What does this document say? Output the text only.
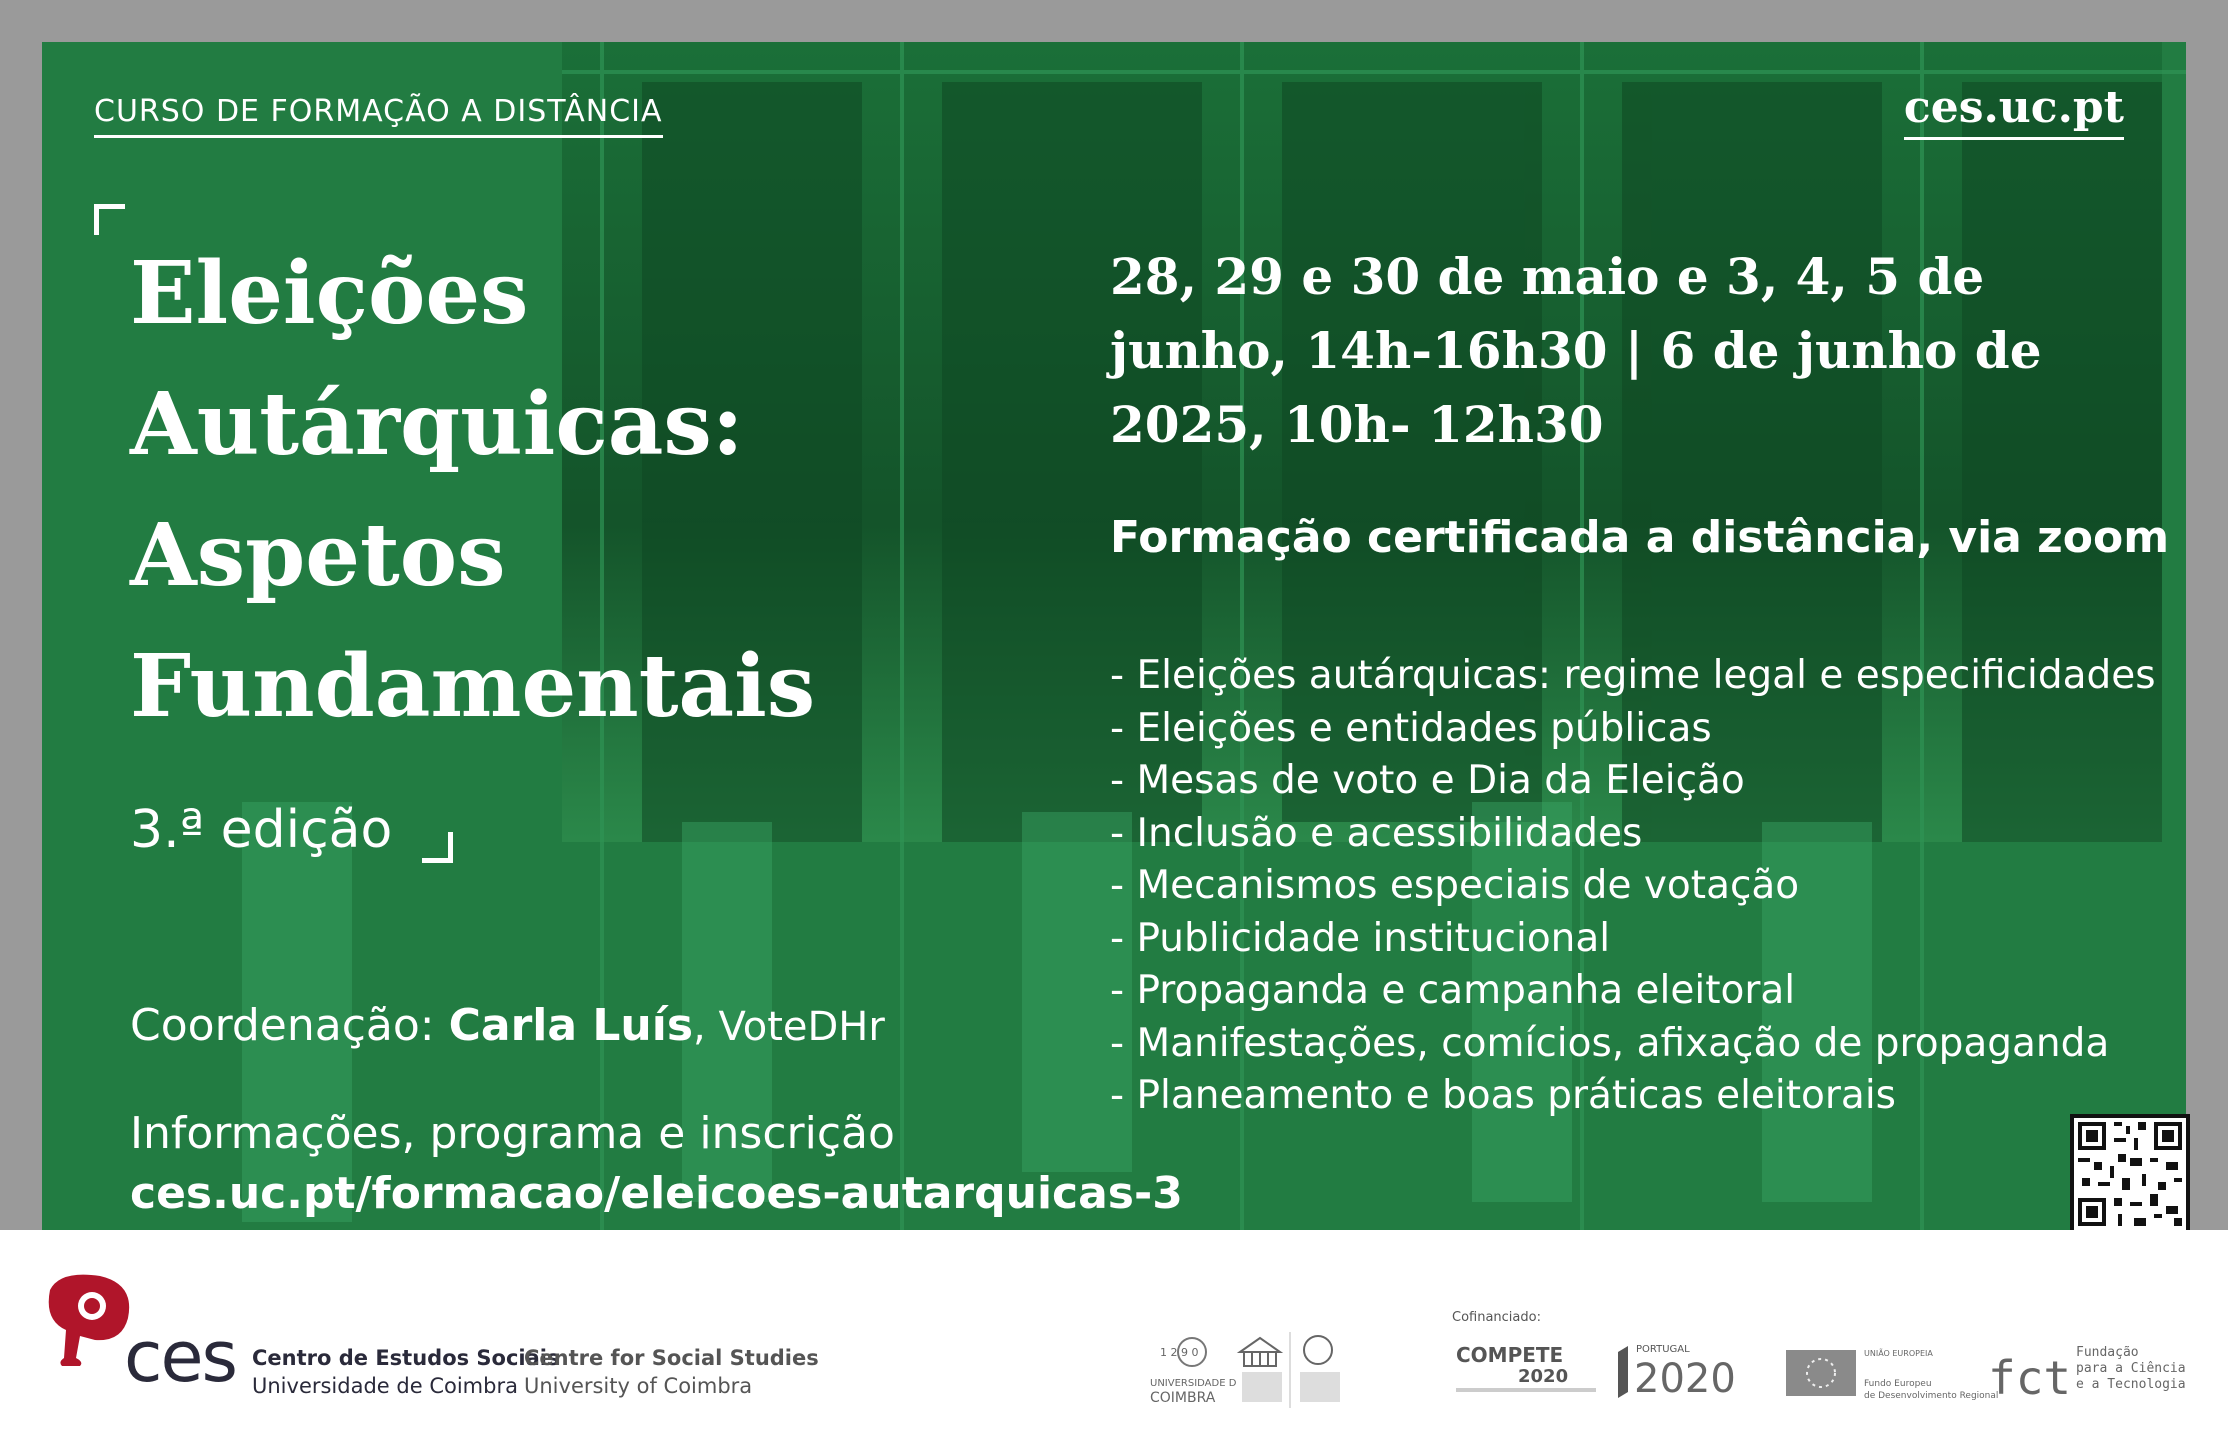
CURSO DE FORMAÇÃO A DISTÂNCIA	ces.uc.pt
Eleições
Autárquicas:
Aspetos
Fundamentais
3.ª edição
Coordenação: Carla Luís, VoteDHr
Informações, programa e inscrição
ces.uc.pt/formacao/eleicoes-autarquicas-3
28, 29 e 30 de maio e 3, 4, 5 de
junho, 14h-16h30 | 6 de junho de
2025, 10h- 12h30
Formação certificada a distância, via zoom
- Eleições autárquicas: regime legal e especificidades
- Eleições e entidades públicas
- Mesas de voto e Dia da Eleição
- Inclusão e acessibilidades
- Mecanismos especiais de votação
- Publicidade institucional
- Propaganda e campanha eleitoral
- Manifestações, comícios, afixação de propaganda
- Planeamento e boas práticas eleitorais
ces Centro de Estudos Sociais
Universidade de Coimbra
Centre for Social Studies
University of Coimbra
Cofinanciado:
1 2 9 0
UNIVERSIDADE D
COIMBRA
COMPETE
2020
PORTUGAL
2020
UNIÃO EUROPEIA
Fundo Europeu
de Desenvolvimento Regional
fct Fundação
para a Ciência
e a Tecnologia
